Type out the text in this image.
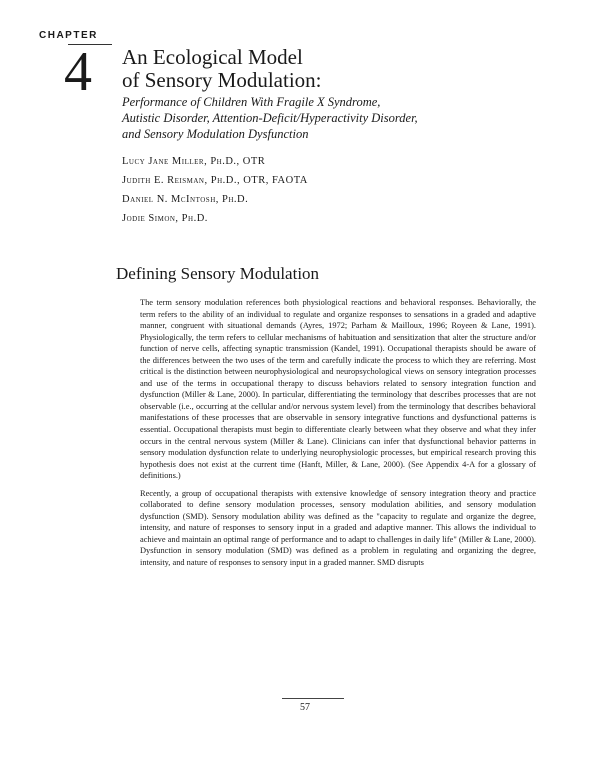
CHAPTER
4 An Ecological Model
of Sensory Modulation:
Performance of Children With Fragile X Syndrome,
Autistic Disorder, Attention-Deficit/Hyperactivity Disorder,
and Sensory Modulation Dysfunction
Lucy Jane Miller, Ph.D., OTR
Judith E. Reisman, Ph.D., OTR, FAOTA
Daniel N. McIntosh, Ph.D.
Jodie Simon, Ph.D.
Defining Sensory Modulation

The term sensory modulation references both physiological reactions and behavioral responses. Behaviorally, the term refers to the ability of an individual to regulate and organize responses to sensations in a graded and adaptive manner, congruent with situational demands (Ayres, 1972; Parham & Mailloux, 1996; Royeen & Lane, 1991). Physiologically, the term refers to cellular mechanisms of habituation and sensitization that alter the structure and/or function of nerve cells, affecting synaptic transmission (Kandel, 1991). Occupational therapists should be aware of the differences between the two uses of the term and carefully indicate the process to which they are referring. Most critical is the distinction between neurophysiological and neuropsychological views on sensory integration processes and use of the terms in occupational therapy to discuss behaviors related to sensory integration function and dysfunction (Miller & Lane, 2000). In particular, differentiating the terminology that describes processes that are not observable (i.e., occurring at the cellular and/or nervous system level) from the terminology that describes behavioral manifestations of these processes that are observable in sensory integrative functions and dysfunctional patterns is essential. Occupational therapists must begin to differentiate clearly between what they observe and what they infer occurs in the central nervous system (Miller & Lane). Clinicians can infer that dysfunctional behavior patterns in sensory modulation dysfunction relate to underlying neurophysiologic processes, but empirical research proving this hypothesis does not exist at the current time (Hanft, Miller, & Lane, 2000). (See Appendix 4-A for a glossary of definitions.)

Recently, a group of occupational therapists with extensive knowledge of sensory integration theory and practice collaborated to define sensory modulation processes, sensory modulation abilities, and sensory modulation dysfunction (SMD). Sensory modulation ability was defined as the "capacity to regulate and organize the degree, intensity, and nature of responses to sensory input in a graded and adaptive manner. This allows the individual to achieve and maintain an optimal range of performance and to adapt to challenges in daily life" (Miller & Lane, 2000). Dysfunction in sensory modulation (SMD) was defined as a problem in regulating and organizing the degree, intensity, and nature of responses to sensory input in a graded manner. SMD disrupts

57
